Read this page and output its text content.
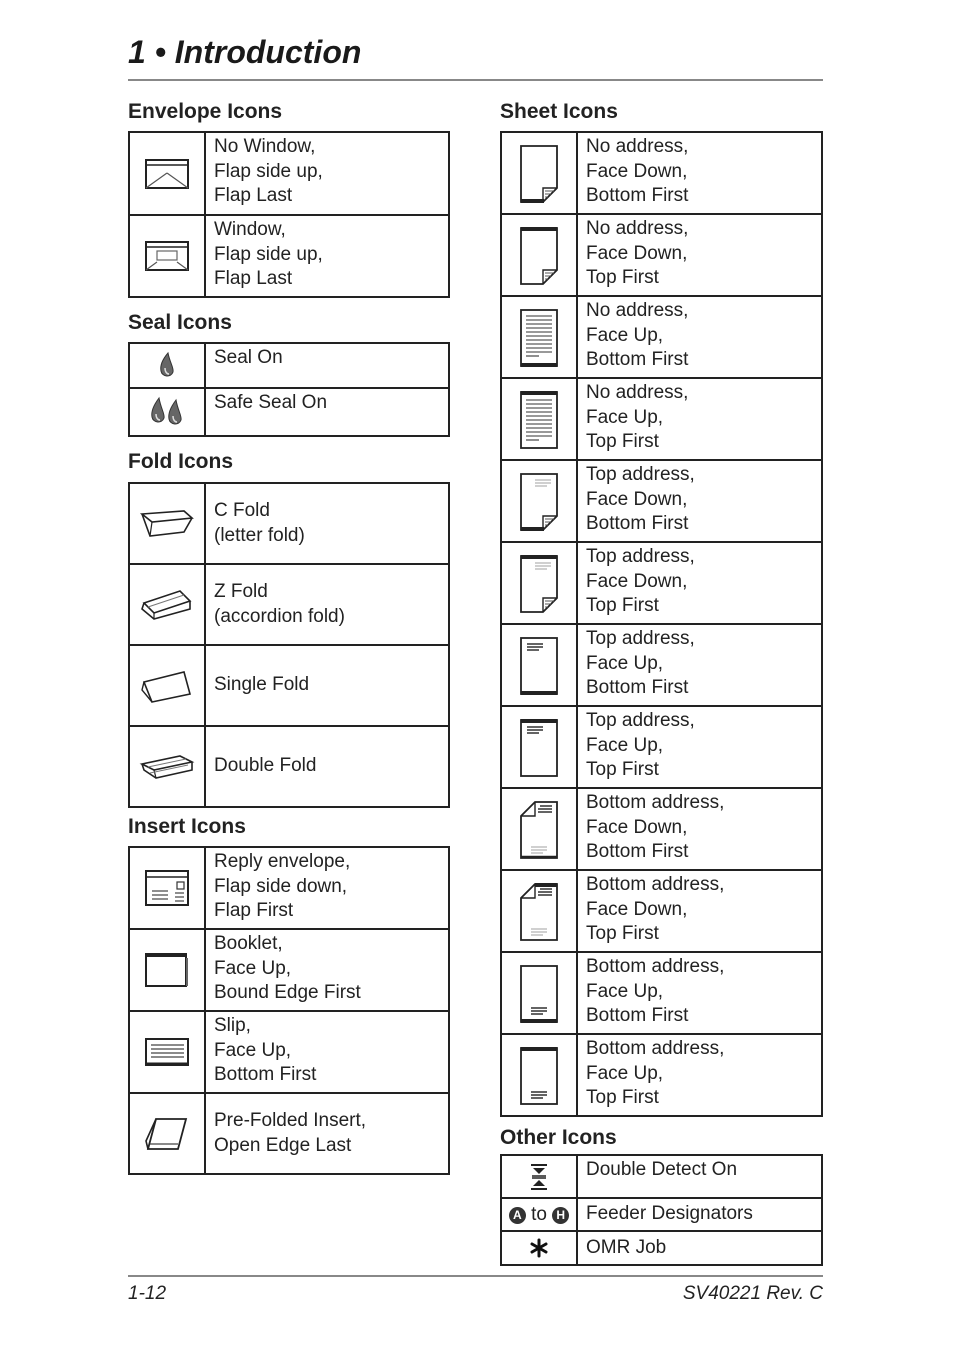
1 • Introduction
Envelope Icons

No Window,
Flap side up,
Flap Last

Window,
Flap side up,
Flap Last
Seal Icons

Seal On

Safe Seal On
Fold Icons

C Fold
(letter fold)

Z Fold
(accordion fold)

Single Fold

Double Fold
Insert Icons

Reply envelope,
Flap side down,
Flap First

Booklet,
Face Up,
Bound Edge First

Slip,
Face Up,
Bottom First

Pre-Folded Insert,
Open Edge Last
Sheet Icons

No address,
Face Down,
Bottom First

No address,
Face Down,
Top First

No address,
Face Up,
Bottom First

No address,
Face Up,
Top First

Top address,
Face Down,
Bottom First

Top address,
Face Down,
Top First

Top address,
Face Up,
Bottom First

Top address,
Face Up,
Top First

Bottom address,
Face Down,
Bottom First

Bottom address,
Face Down,
Top First

Bottom address,
Face Up,
Bottom First

Bottom address,
Face Up,
Top First
Other Icons

Double Detect On

A to H	Feeder Designators

OMR Job
1-12	SV40221 Rev. C
